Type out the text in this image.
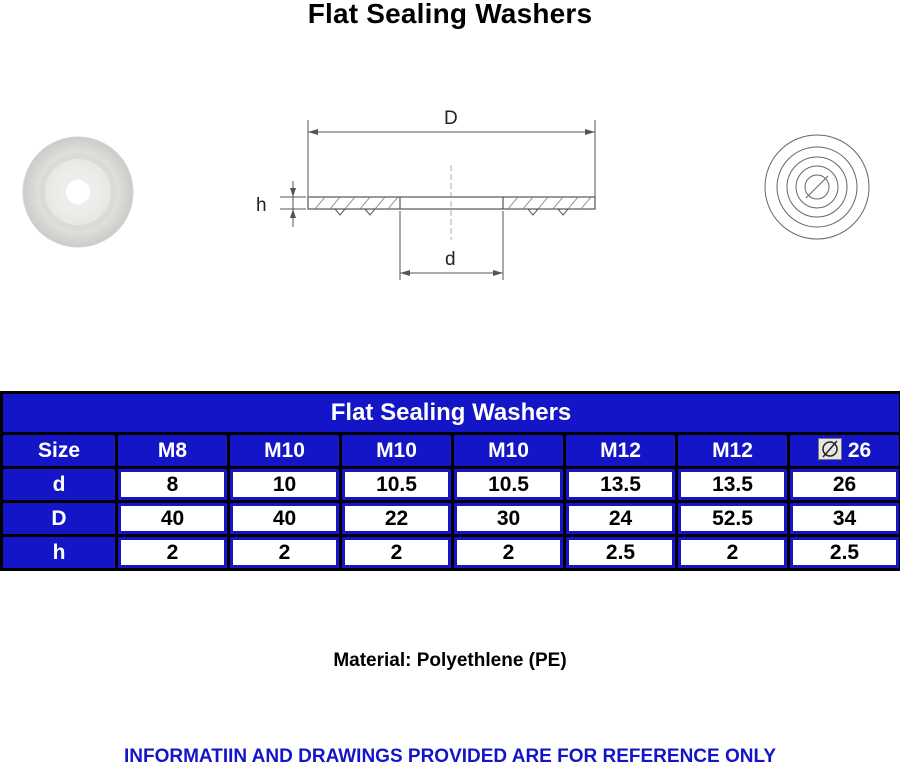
Flat Sealing Washers
D
h
d
Flat Sealing Washers							
Size	M8	M10	M10	M10	M12	M12	26
d	8	10	10.5	10.5	13.5	13.5	26
D	40	40	22	30	24	52.5	34
h	2	2	2	2	2.5	2	2.5
Material: Polyethlene (PE)
INFORMATIIN AND DRAWINGS PROVIDED ARE FOR REFERENCE ONLY
